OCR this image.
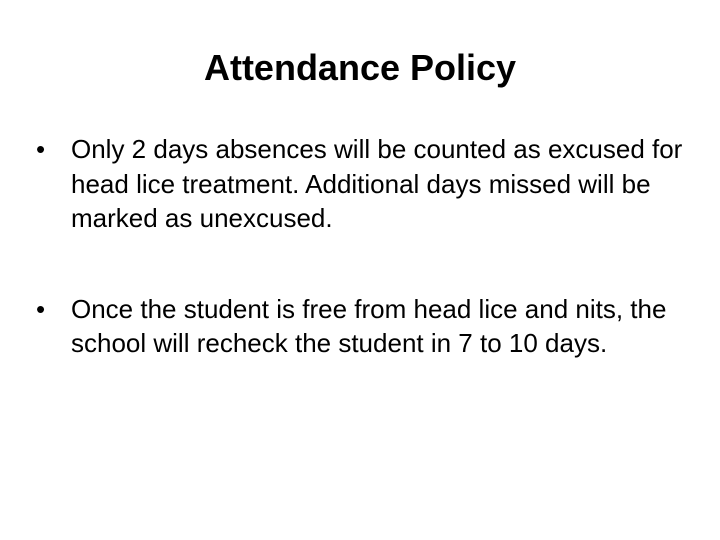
Attendance Policy
• Only 2 days absences will be counted as excused for head lice treatment. Additional days missed will be marked as unexcused.
• Once the student is free from head lice and nits, the school will recheck the student in 7 to 10 days.
